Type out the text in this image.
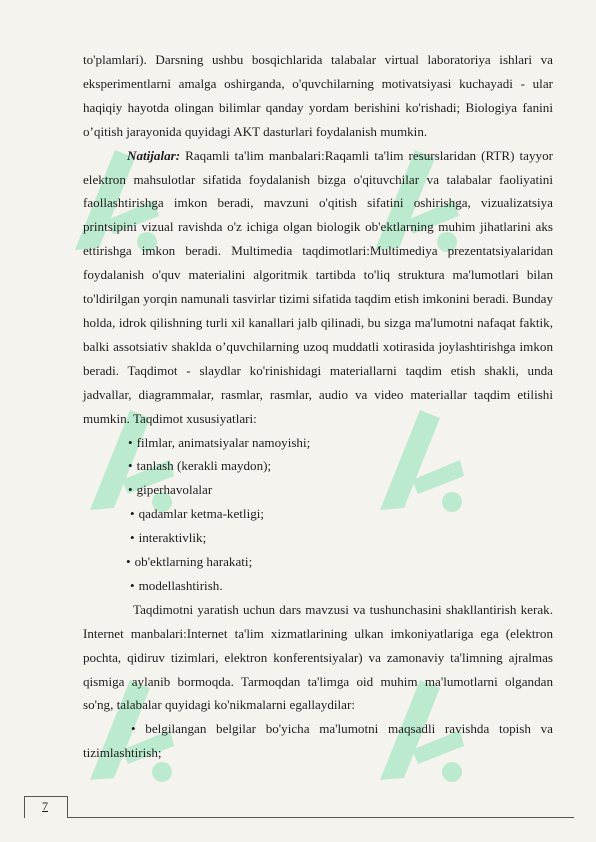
to'plamlari). Darsning ushbu bosqichlarida talabalar virtual laboratoriya ishlari va eksperimentlarni amalga oshirganda, o'quvchilarning motivatsiyasi kuchayadi - ular haqiqiy hayotda olingan bilimlar qanday yordam berishini ko'rishadi; Biologiya fanini o’qitish jarayonida quyidagi AKT dasturlari foydalanish mumkin.

Natijalar: Raqamli ta'lim manbalari:Raqamli ta'lim resurslaridan (RTR) tayyor elektron mahsulotlar sifatida foydalanish bizga o'qituvchilar va talabalar faoliyatini faollashtirishga imkon beradi, mavzuni o'qitish sifatini oshirishga, vizualizatsiya printsipini vizual ravishda o'z ichiga olgan biologik ob'ektlarning muhim jihatlarini aks ettirishga imkon beradi. Multimedia taqdimotlari:Multimediya prezentatsiyalaridan foydalanish o'quv materialini algoritmik tartibda to'liq struktura ma'lumotlari bilan to'ldirilgan yorqin namunali tasvirlar tizimi sifatida taqdim etish imkonini beradi. Bunday holda, idrok qilishning turli xil kanallari jalb qilinadi, bu sizga ma'lumotni nafaqat faktik, balki assotsiativ shaklda o’quvchilarning uzoq muddatli xotirasida joylashtirishga imkon beradi. Taqdimot - slaydlar ko'rinishidagi materiallarni taqdim etish shakli, unda jadvallar, diagrammalar, rasmlar, rasmlar, audio va video materiallar taqdim etilishi mumkin. Taqdimot xususiyatlari:

• filmlar, animatsiyalar namoyishi;
• tanlash (kerakli maydon);
• giperhavolalar
• qadamlar ketma-ketligi;
• interaktivlik;
• ob'ektlarning harakati;
• modellashtirish.

Taqdimotni yaratish uchun dars mavzusi va tushunchasini shakllantirish kerak. Internet manbalari:Internet ta'lim xizmatlarining ulkan imkoniyatlariga ega (elektron pochta, qidiruv tizimlari, elektron konferentsiyalar) va zamonaviy ta'limning ajralmas qismiga aylanib bormoqda. Tarmoqdan ta'limga oid muhim ma'lumotlarni olgandan so'ng, talabalar quyidagi ko'nikmalarni egallaydilar:

• belgilangan belgilar bo'yicha ma'lumotni maqsadli ravishda topish va tizimlashtirish;

7
